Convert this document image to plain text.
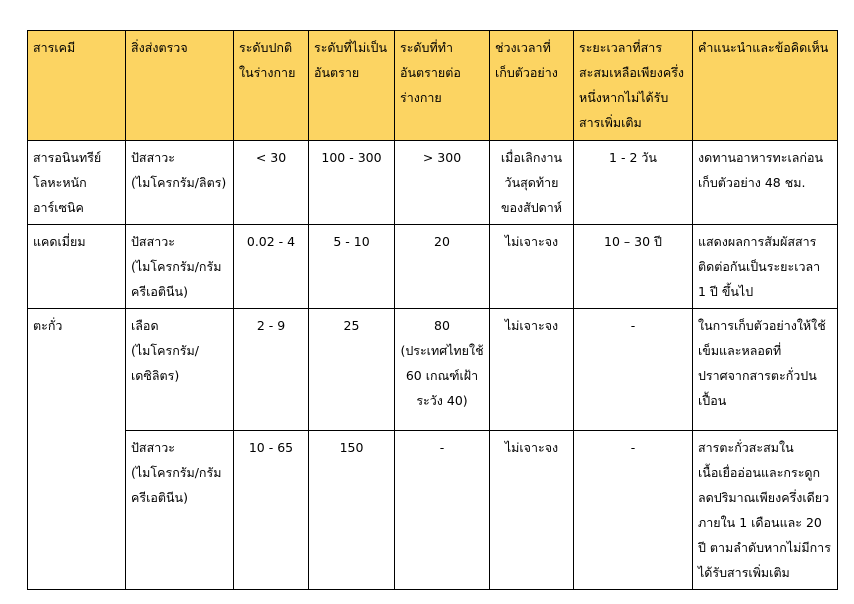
สารเคมี	สิ่งส่งตรวจ	ระดับปกติในร่างกาย	ระดับที่ไม่เป็นอันตราย	ระดับที่ทำอันตรายต่อร่างกาย	ช่วงเวลาที่เก็บตัวอย่าง	ระยะเวลาที่สารสะสมเหลือเพียงครึ่งหนึ่งหากไม่ได้รับสารเพิ่มเติม	คำแนะนำและข้อคิดเห็น
สารอนินทรีย์โลหะหนักอาร์เซนิค	ปัสสาวะ (ไมโครกรัม/ลิตร)	< 30	100 - 300	> 300	เมื่อเลิกงานวันสุดท้ายของสัปดาห์	1 - 2 วัน	งดทานอาหารทะเลก่อนเก็บตัวอย่าง 48 ชม.
แคดเมี่ยม	ปัสสาวะ (ไมโครกรัม/กรัม ครีเอตินีน)	0.02 - 4	5 - 10	20	ไม่เจาะจง	10 – 30 ปี	แสดงผลการสัมผัสสารติดต่อกันเป็นระยะเวลา 1 ปี ขึ้นไป
ตะกั่ว	เลือด (ไมโครกรัม/เดซิลิตร)	2 - 9	25	80 (ประเทศไทยใช้ 60 เกณฑ์เฝ้าระวัง 40)	ไม่เจาะจง	-	ในการเก็บตัวอย่างให้ใช้เข็มและหลอดที่ปราศจากสารตะกั่วปนเปื้อน
	ปัสสาวะ (ไมโครกรัม/กรัม ครีเอตินีน)	10 - 65	150	-	ไม่เจาะจง	-	สารตะกั่วสะสมในเนื้อเยื่ออ่อนและกระดูกลดปริมาณเพียงครึ่งเดียวภายใน 1 เดือนและ 20 ปี ตามลำดับหากไม่มีการได้รับสารเพิ่มเติม
